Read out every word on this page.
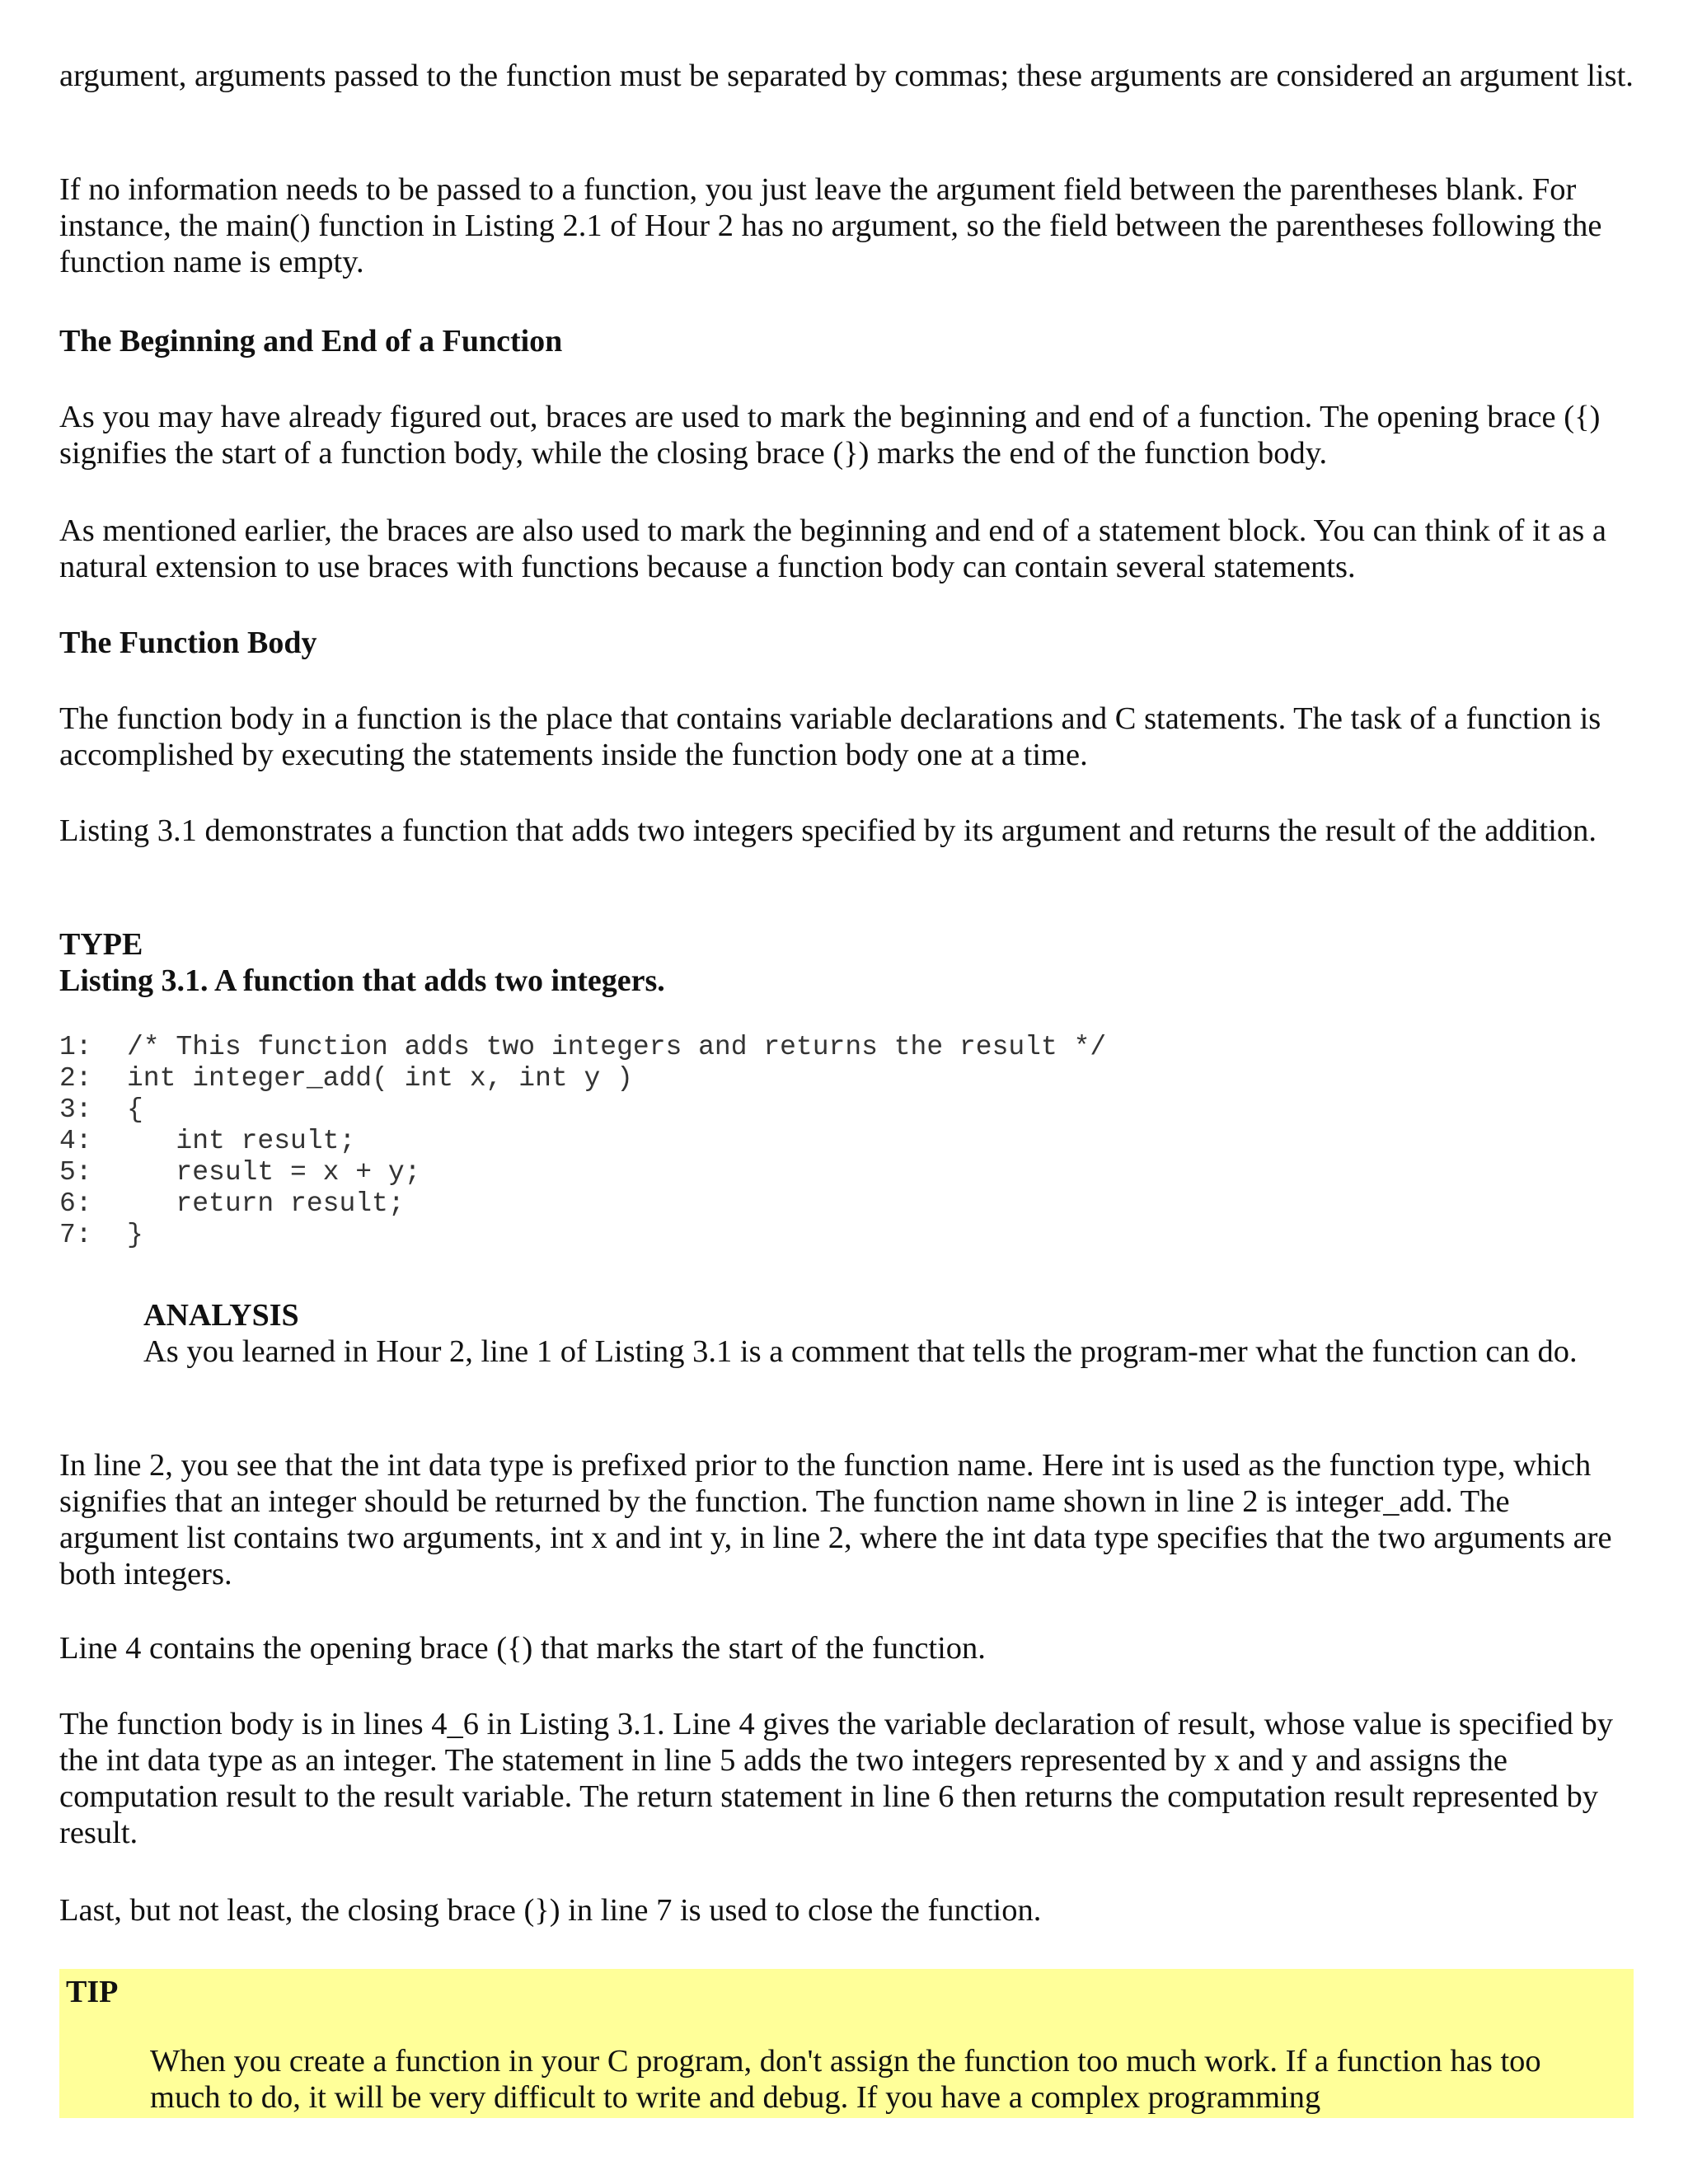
argument, arguments passed to the function must be separated by commas; these arguments are considered an argument list.

If no information needs to be passed to a function, you just leave the argument field between the parentheses blank. For instance, the main() function in Listing 2.1 of Hour 2 has no argument, so the field between the parentheses following the function name is empty.

The Beginning and End of a Function

As you may have already figured out, braces are used to mark the beginning and end of a function. The opening brace ({) signifies the start of a function body, while the closing brace (}) marks the end of the function body.

As mentioned earlier, the braces are also used to mark the beginning and end of a statement block. You can think of it as a natural extension to use braces with functions because a function body can contain several statements.

The Function Body

The function body in a function is the place that contains variable declarations and C statements. The task of a function is accomplished by executing the statements inside the function body one at a time.

Listing 3.1 demonstrates a function that adds two integers specified by its argument and returns the result of the addition.

TYPE
Listing 3.1. A function that adds two integers.
1: /* This function adds two integers and returns the result */
2: int integer_add( int x, int y )
3: {
4:   int result;
5:   result = x + y;
6:   return result;
7: }
ANALYSIS

As you learned in Hour 2, line 1 of Listing 3.1 is a comment that tells the program-mer what the function can do.

In line 2, you see that the int data type is prefixed prior to the function name. Here int is used as the function type, which signifies that an integer should be returned by the function. The function name shown in line 2 is integer_add. The argument list contains two arguments, int x and int y, in line 2, where the int data type specifies that the two arguments are both integers.

Line 4 contains the opening brace ({) that marks the start of the function.

The function body is in lines 4_6 in Listing 3.1. Line 4 gives the variable declaration of result, whose value is specified by the int data type as an integer. The statement in line 5 adds the two integers represented by x and y and assigns the computation result to the result variable. The return statement in line 6 then returns the computation result represented by result.

Last, but not least, the closing brace (}) in line 7 is used to close the function.

TIP
When you create a function in your C program, don't assign the function too much work. If a function has too much to do, it will be very difficult to write and debug. If you have a complex programming
